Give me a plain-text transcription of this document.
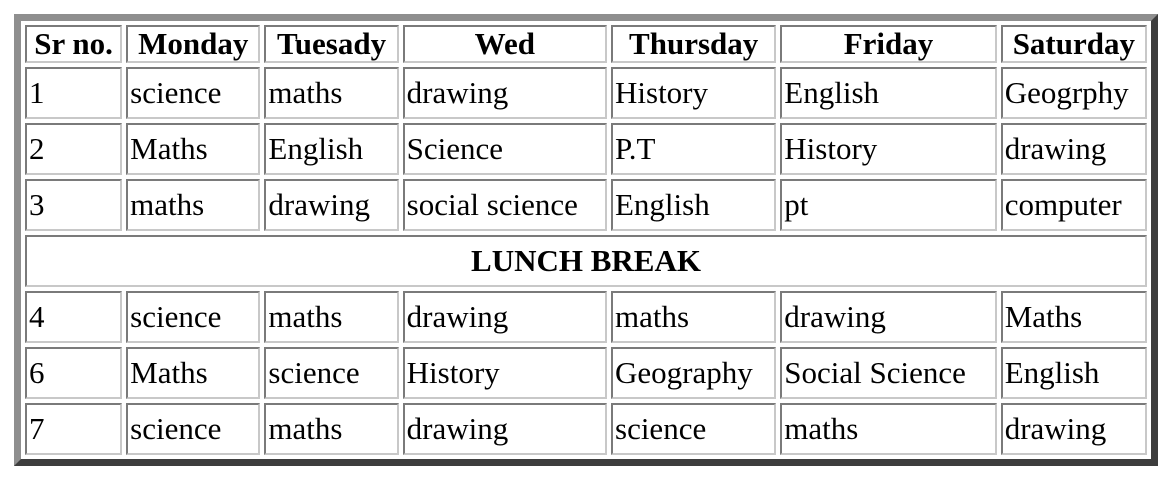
Sr no.	Monday	Tuesady	Wed	Thursday	Friday	Saturday
1	science	maths	drawing	History	English	Geogrphy
2	Maths	English	Science	P.T	History	drawing
3	maths	drawing	social science	English	pt	computer
LUNCH BREAK						
4	science	maths	drawing	maths	drawing	Maths
6	Maths	science	History	Geography	Social Science	English
7	science	maths	drawing	science	maths	drawing
